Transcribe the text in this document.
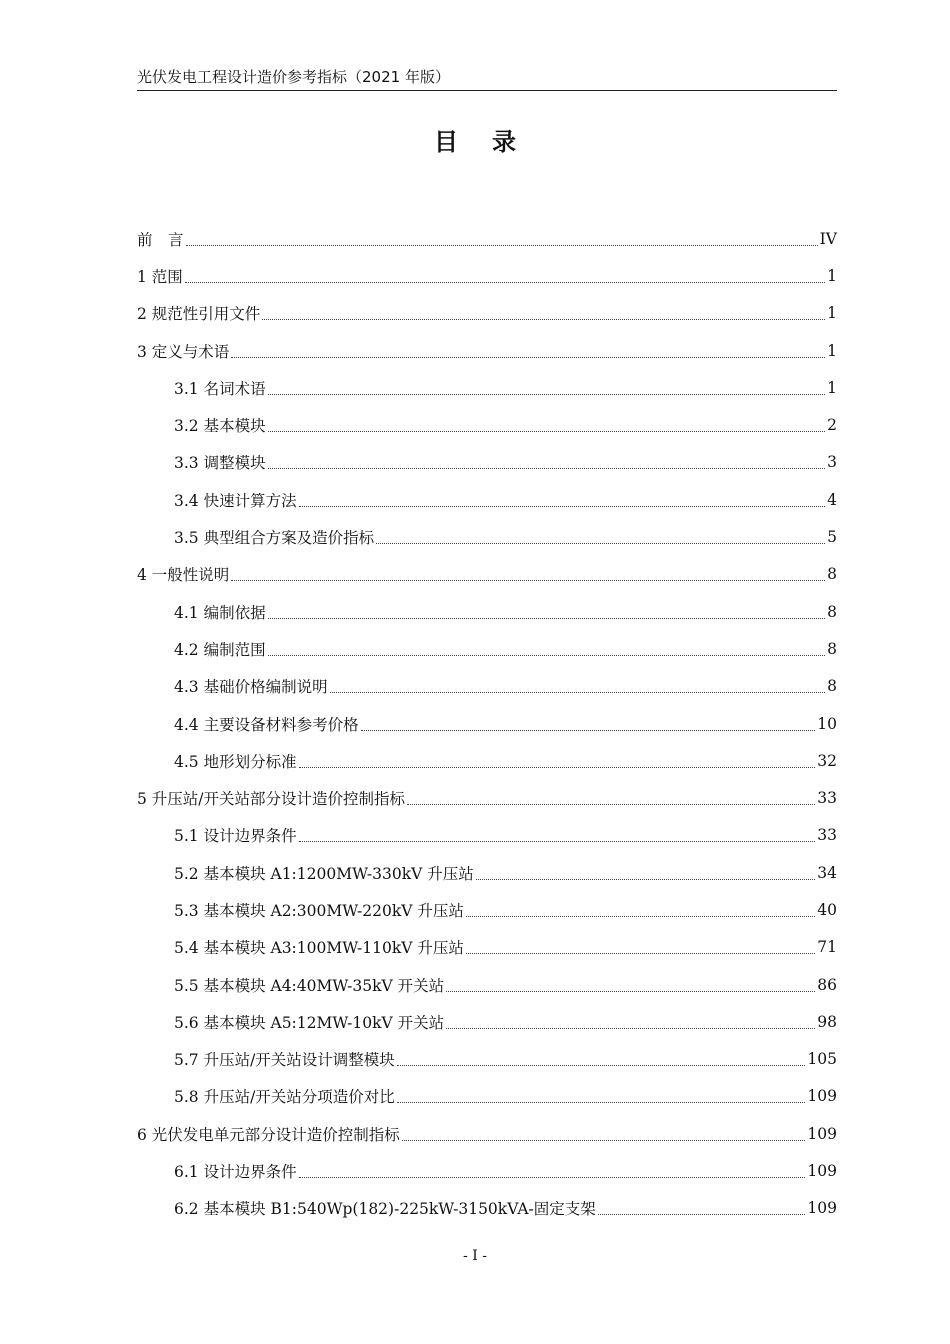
光伏发电工程设计造价参考指标（2021 年版）
目录
前　言	IV
1 范围	1
2 规范性引用文件	1
3 定义与术语	1
3.1 名词术语	1
3.2 基本模块	2
3.3 调整模块	3
3.4 快速计算方法	4
3.5 典型组合方案及造价指标	5
4 一般性说明	8
4.1 编制依据	8
4.2 编制范围	8
4.3 基础价格编制说明	8
4.4 主要设备材料参考价格	10
4.5 地形划分标准	32
5 升压站/开关站部分设计造价控制指标	33
5.1 设计边界条件	33
5.2 基本模块 A1:1200MW-330kV 升压站	34
5.3 基本模块 A2:300MW-220kV 升压站	40
5.4 基本模块 A3:100MW-110kV 升压站	71
5.5 基本模块 A4:40MW-35kV 开关站	86
5.6 基本模块 A5:12MW-10kV 开关站	98
5.7 升压站/开关站设计调整模块	105
5.8 升压站/开关站分项造价对比	109
6 光伏发电单元部分设计造价控制指标	109
6.1 设计边界条件	109
6.2 基本模块 B1:540Wp(182)-225kW-3150kVA-固定支架	109
- I -
